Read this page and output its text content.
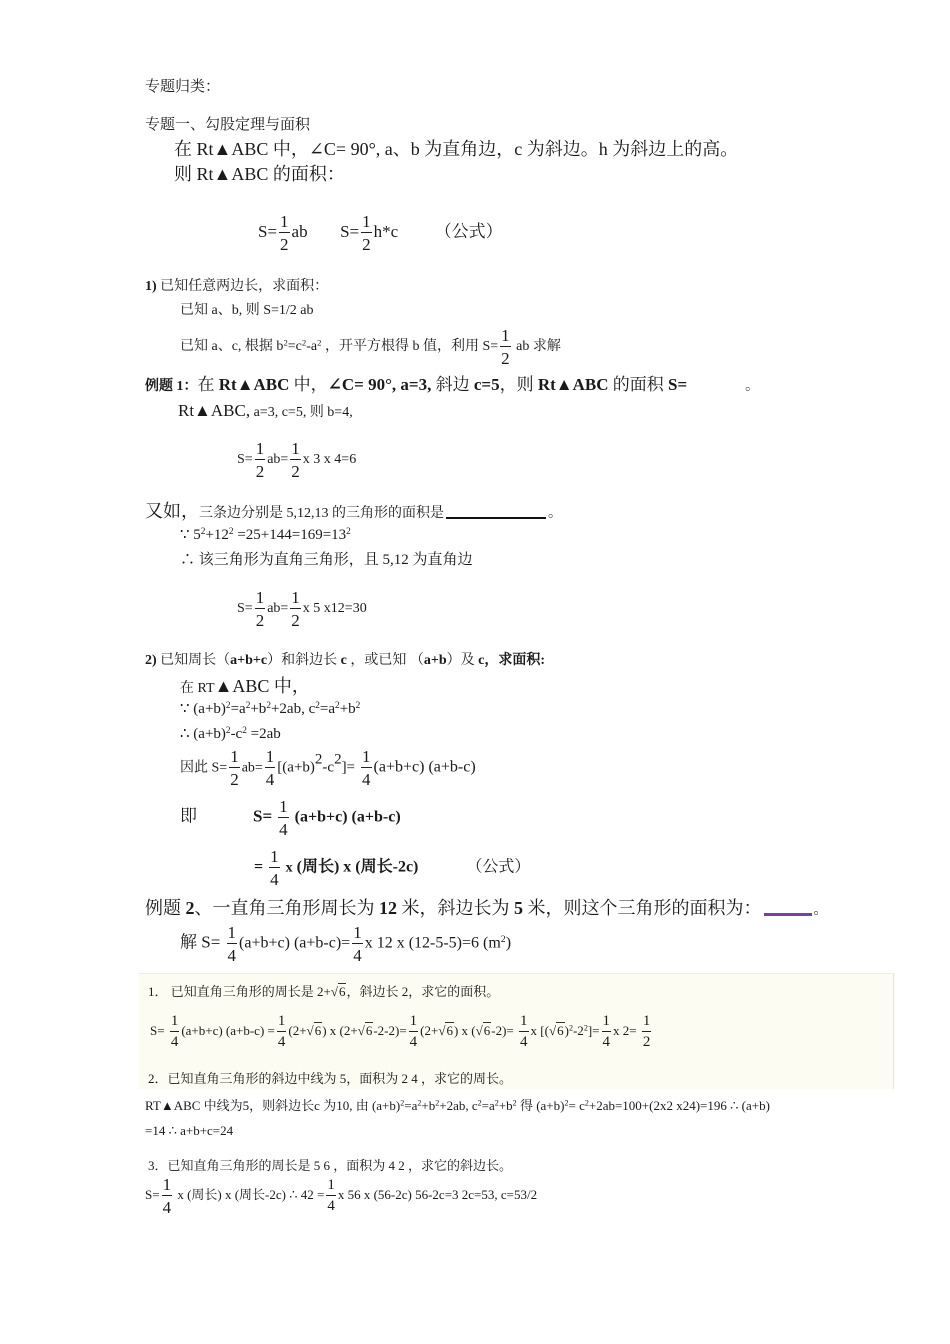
专题归类：
专题一、勾股定理与面积
在 Rt▲ABC 中，∠C= 90°, a、b 为直角边，c 为斜边。h 为斜边上的高。
则 Rt▲ABC 的面积：
$S= \frac{1}{2}$ ab $S= \frac{1}{2} h*c$ （公式）
1) 已知任意两边长，求面积：
已知 a、b, 则 S=1/2 ab
已知 a、c, 根据 $b^2=c^2-a^2$ ，开平方根得 b 值，利用 $S= \frac{1}{2}$ ab 求解
例题 1：在 Rt▲ABC 中，∠C= 90°, a=3, 斜边 c=5，则 Rt▲ABC 的面积 S=	。
Rt▲ABC, a=3, c=5, 则 b=4,
$S= \frac{1}{2} ab= \frac{1}{2}$ x 3 x 4=6
又如，三条边分别是 5,12,13 的三角形的面积是	。
∵ $5^2+12^2 =25+144=169=13^2$
∴ 该三角形为直角三角形，且 5,12 为直角边
$S= \frac{1}{2} ab= \frac{1}{2}$ x 5 x12=30
2) 已知周长（a+b+c）和斜边长 c ，或已知 （a+b）及 c，求面积:
在 RT▲ABC 中，
∵ $(a+b)^2=a^2+b^2+2ab$, $c^2=a^2+b^2$
∴ $(a+b)^2-c^2 =2ab$
因此 $S= \frac{1}{2} ab= \frac{1}{4} [(a+b)^2-c^2]= \frac{1}{4} (a+b+c)$ (a+b-c)
即	$S= \frac{1}{4} (a+b+c)$ (a+b-c)
= $\frac{1}{4}$ x (周长) x (周长-2c)	（公式）
例题 2、一直角三角形周长为 12 米，斜边长为 5 米，则这个三角形的面积为：	。
解 $S= \frac{1}{4} (a+b+c)$ $(a+b-c)= \frac{1}{4}$ x 12 x (12-5-5)=6 $(m^2)$
1． 已知直角三角形的周长是 2+√6，斜边长 2，求它的面积。
$S= \frac{1}{4} (a+b+c) (a+b-c) = \frac{1}{4} (2+√6)$ x $(2+√6-2-2)= \frac{1}{4} (2+√6)$ x $(√6-2)= \frac{1}{4}$ x $[(√6)^2-2^2]= \frac{1}{4}$ x $2= \frac{1}{2}$
2．已知直角三角形的斜边中线为 5，面积为 2 4 ，求它的周长。
RT▲ABC 中线为5，则斜边长c 为10, 由 $(a+b)^2=a^2+b^2+2ab$, $c^2=a^2+b^2$ 得 $(a+b)^2= c^2+2ab=100+(2x2$ x24)=196 ∴ (a+b)
=14 ∴ a+b+c=24
3．已知直角三角形的周长是 5 6 ，面积为 4 2 ，求它的斜边长。
$S= \frac{1}{4}$ x (周长) x (周长-2c) ∴ $42 = \frac{1}{4}$ x 56 x (56-2c) 56-2c=3 2c=53, c=53/2
